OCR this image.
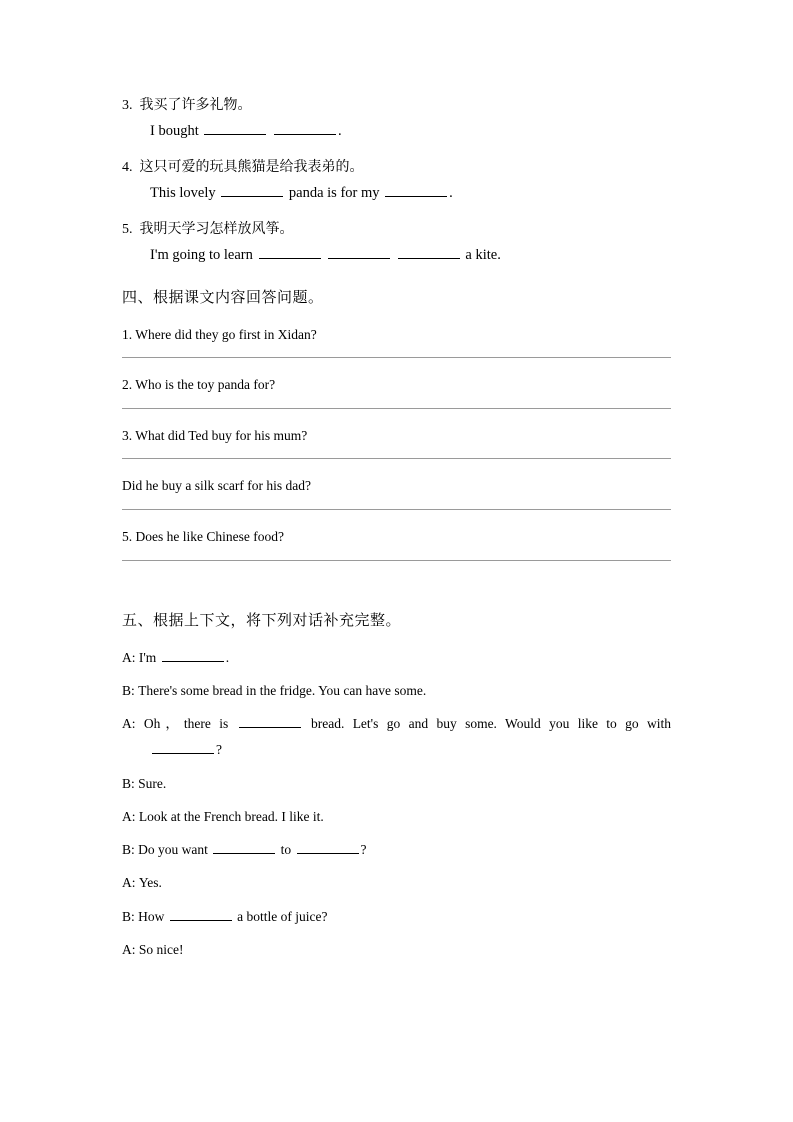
3. 我买了许多礼物。

I bought	.

4. 这只可爱的玩具熊猫是给我表弟的。

This lovely	panda is for my	.

5. 我明天学习怎样放风筝。

I'm going to learn	a kite.

四、根据课文内容回答问题。

1. Where did they go first in Xidan?

2. Who is the toy panda for?

3. What did Ted buy for his mum?

Did he buy a silk scarf for his dad?

5. Does he like Chinese food?

五、根据上下文，将下列对话补充完整。

A: I'm	.

B: There's some bread in the fridge. You can have some.

A: Oh，there is	bread. Let's go and buy some. Would you like to go with

?

B: Sure.

A: Look at the French bread. I like it.

B: Do you want	to	?

A: Yes.

B: How	a bottle of juice?

A: So nice!
